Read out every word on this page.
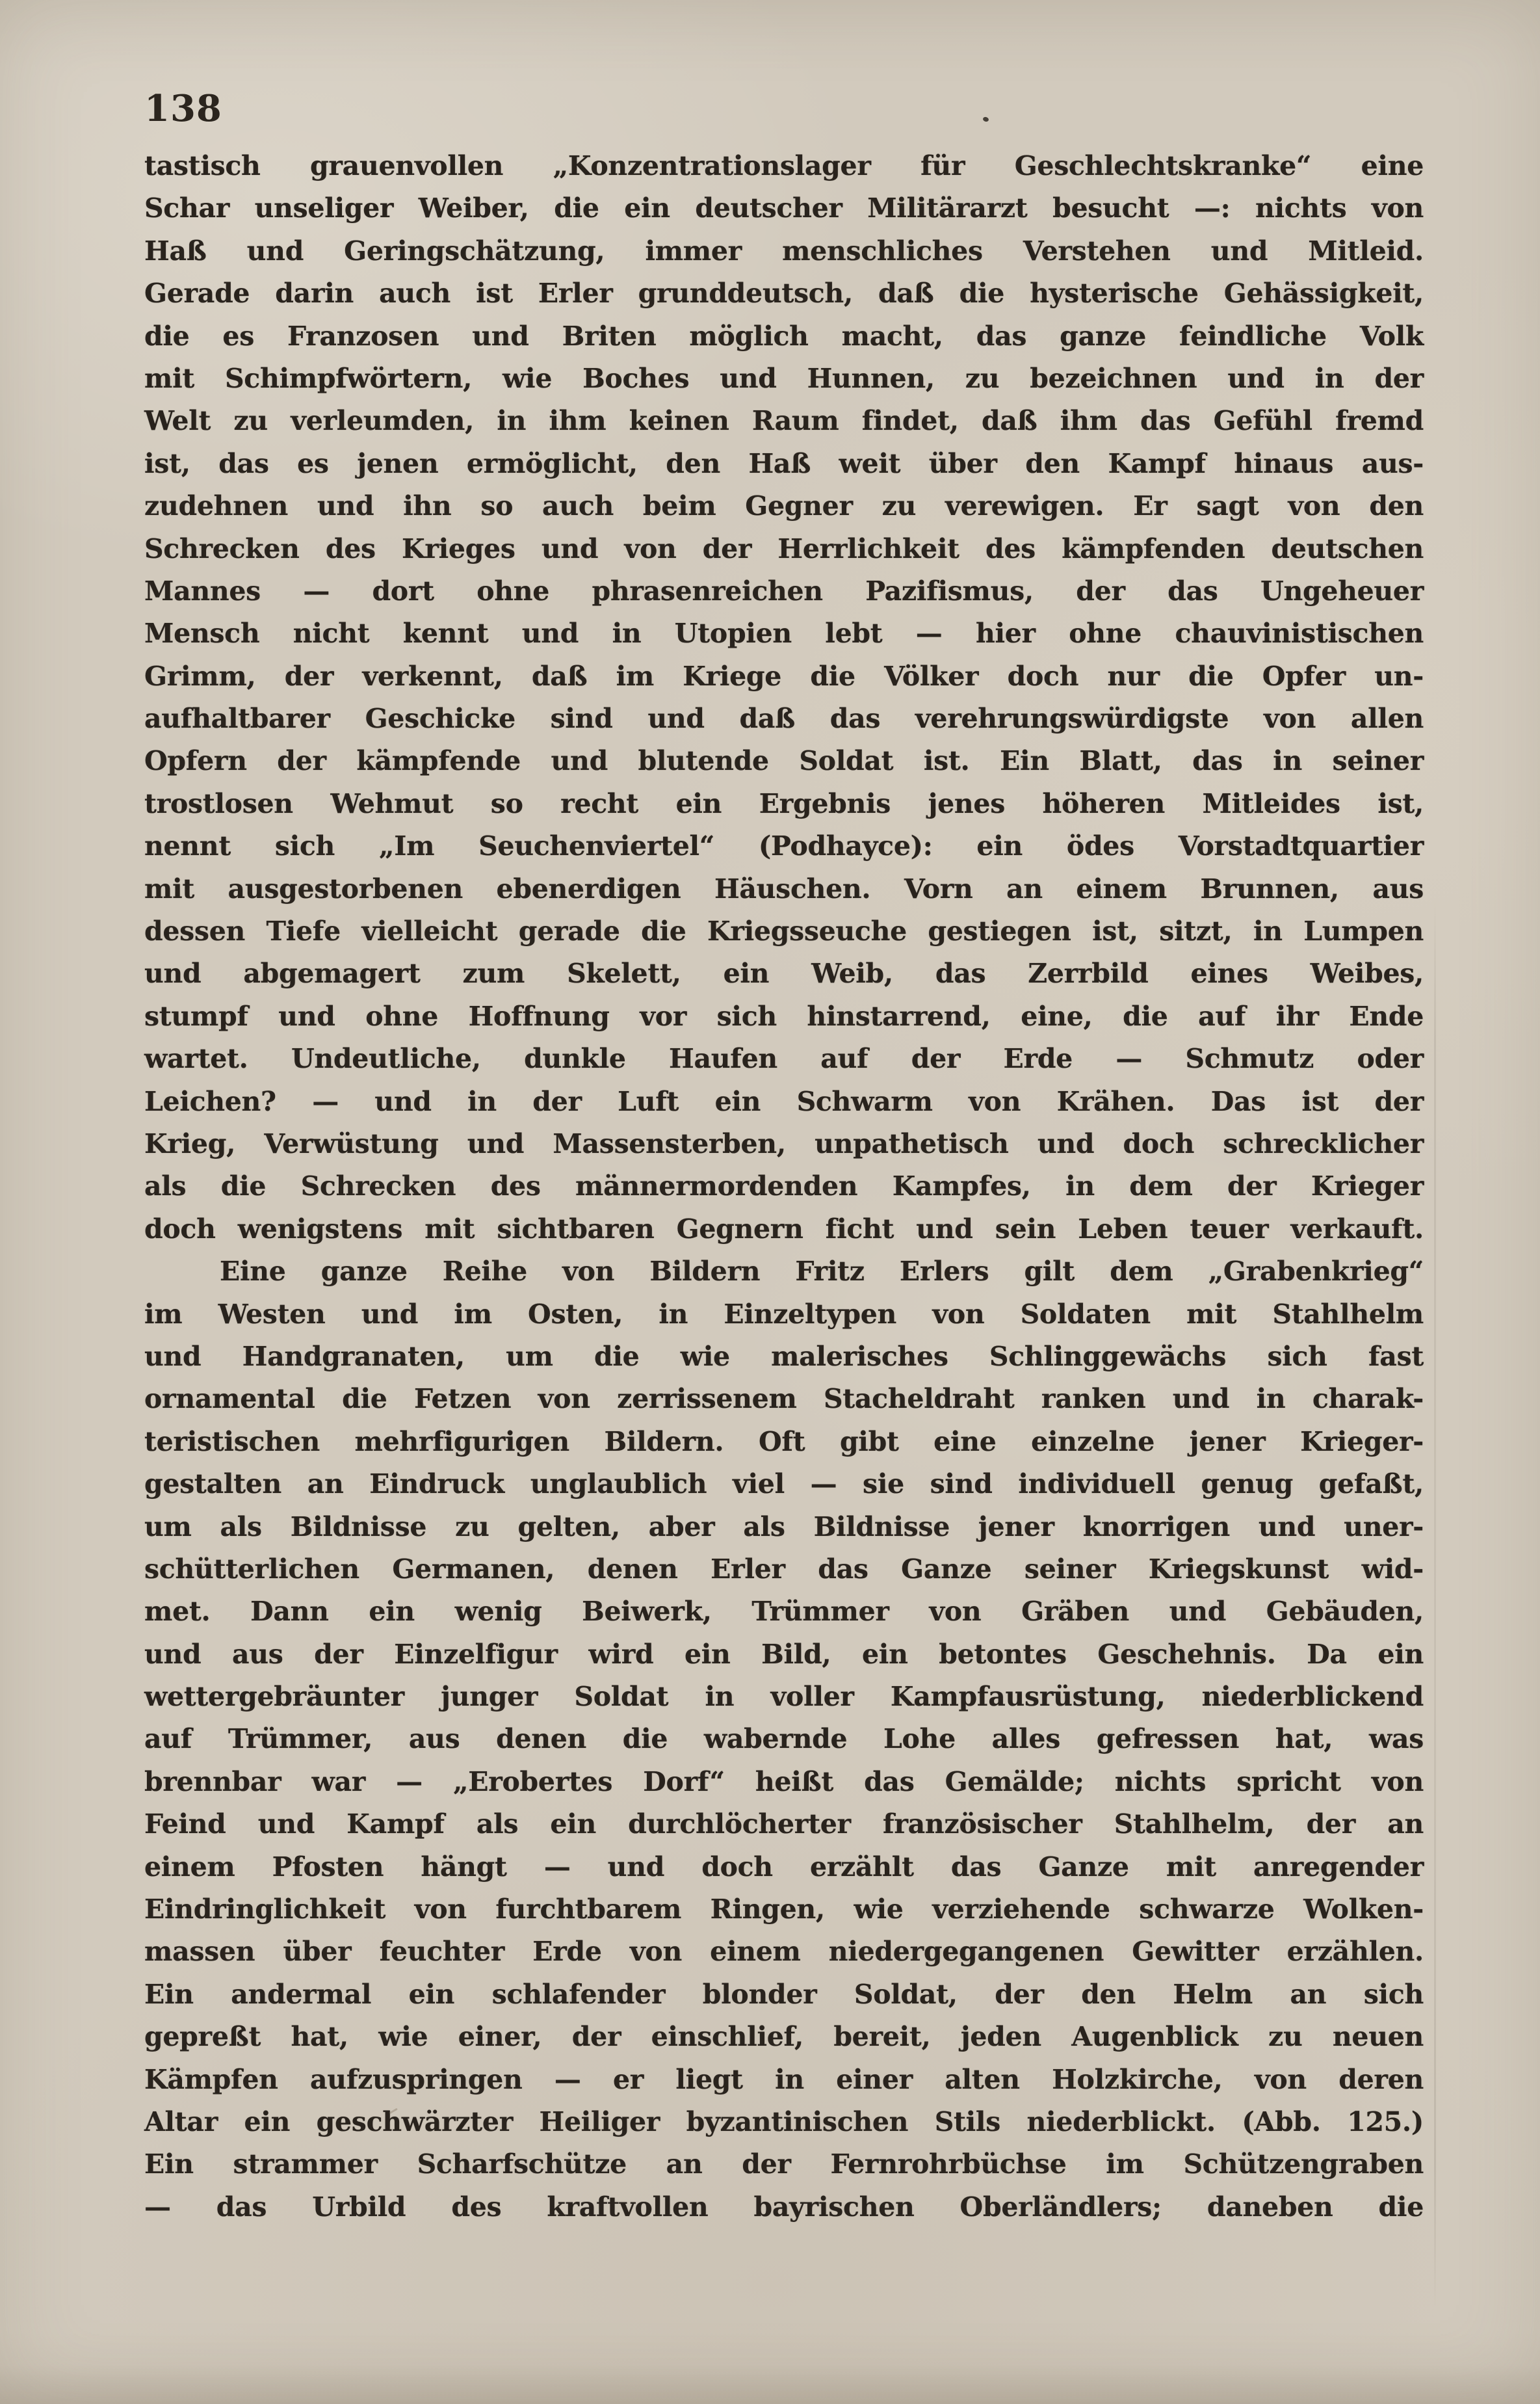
138
tastisch grauenvollen „Konzentrationslager für Geschlechtskranke“ eine
Schar unseliger Weiber, die ein deutscher Militärarzt besucht —: nichts von
Haß und Geringschätzung, immer menschliches Verstehen und Mitleid.
Gerade darin auch ist Erler grunddeutsch, daß die hysterische Gehässigkeit,
die es Franzosen und Briten möglich macht, das ganze feindliche Volk
mit Schimpfwörtern, wie Boches und Hunnen, zu bezeichnen und in der
Welt zu verleumden, in ihm keinen Raum findet, daß ihm das Gefühl fremd
ist, das es jenen ermöglicht, den Haß weit über den Kampf hinaus aus-
zudehnen und ihn so auch beim Gegner zu verewigen. Er sagt von den
Schrecken des Krieges und von der Herrlichkeit des kämpfenden deutschen
Mannes — dort ohne phrasenreichen Pazifismus, der das Ungeheuer
Mensch nicht kennt und in Utopien lebt — hier ohne chauvinistischen
Grimm, der verkennt, daß im Kriege die Völker doch nur die Opfer un-
aufhaltbarer Geschicke sind und daß das verehrungswürdigste von allen
Opfern der kämpfende und blutende Soldat ist. Ein Blatt, das in seiner
trostlosen Wehmut so recht ein Ergebnis jenes höheren Mitleides ist,
nennt sich „Im Seuchenviertel“ (Podhayce): ein ödes Vorstadtquartier
mit ausgestorbenen ebenerdigen Häuschen. Vorn an einem Brunnen, aus
dessen Tiefe vielleicht gerade die Kriegsseuche gestiegen ist, sitzt, in Lumpen
und abgemagert zum Skelett, ein Weib, das Zerrbild eines Weibes,
stumpf und ohne Hoffnung vor sich hinstarrend, eine, die auf ihr Ende
wartet. Undeutliche, dunkle Haufen auf der Erde — Schmutz oder
Leichen? — und in der Luft ein Schwarm von Krähen. Das ist der
Krieg, Verwüstung und Massensterben, unpathetisch und doch schrecklicher
als die Schrecken des männermordenden Kampfes, in dem der Krieger
doch wenigstens mit sichtbaren Gegnern ficht und sein Leben teuer verkauft.
Eine ganze Reihe von Bildern Fritz Erlers gilt dem „Grabenkrieg“
im Westen und im Osten, in Einzeltypen von Soldaten mit Stahlhelm
und Handgranaten, um die wie malerisches Schlinggewächs sich fast
ornamental die Fetzen von zerrissenem Stacheldraht ranken und in charak-
teristischen mehrfigurigen Bildern. Oft gibt eine einzelne jener Krieger-
gestalten an Eindruck unglaublich viel — sie sind individuell genug gefaßt,
um als Bildnisse zu gelten, aber als Bildnisse jener knorrigen und uner-
schütterlichen Germanen, denen Erler das Ganze seiner Kriegskunst wid-
met. Dann ein wenig Beiwerk, Trümmer von Gräben und Gebäuden,
und aus der Einzelfigur wird ein Bild, ein betontes Geschehnis. Da ein
wettergebräunter junger Soldat in voller Kampfausrüstung, niederblickend
auf Trümmer, aus denen die wabernde Lohe alles gefressen hat, was
brennbar war — „Erobertes Dorf“ heißt das Gemälde; nichts spricht von
Feind und Kampf als ein durchlöcherter französischer Stahlhelm, der an
einem Pfosten hängt — und doch erzählt das Ganze mit anregender
Eindringlichkeit von furchtbarem Ringen, wie verziehende schwarze Wolken-
massen über feuchter Erde von einem niedergegangenen Gewitter erzählen.
Ein andermal ein schlafender blonder Soldat, der den Helm an sich
gepreßt hat, wie einer, der einschlief, bereit, jeden Augenblick zu neuen
Kämpfen aufzuspringen — er liegt in einer alten Holzkirche, von deren
Altar ein geschwärzter Heiliger byzantinischen Stils niederblickt. (Abb. 125.)
Ein strammer Scharfschütze an der Fernrohrbüchse im Schützengraben
— das Urbild des kraftvollen bayrischen Oberländlers; daneben die
